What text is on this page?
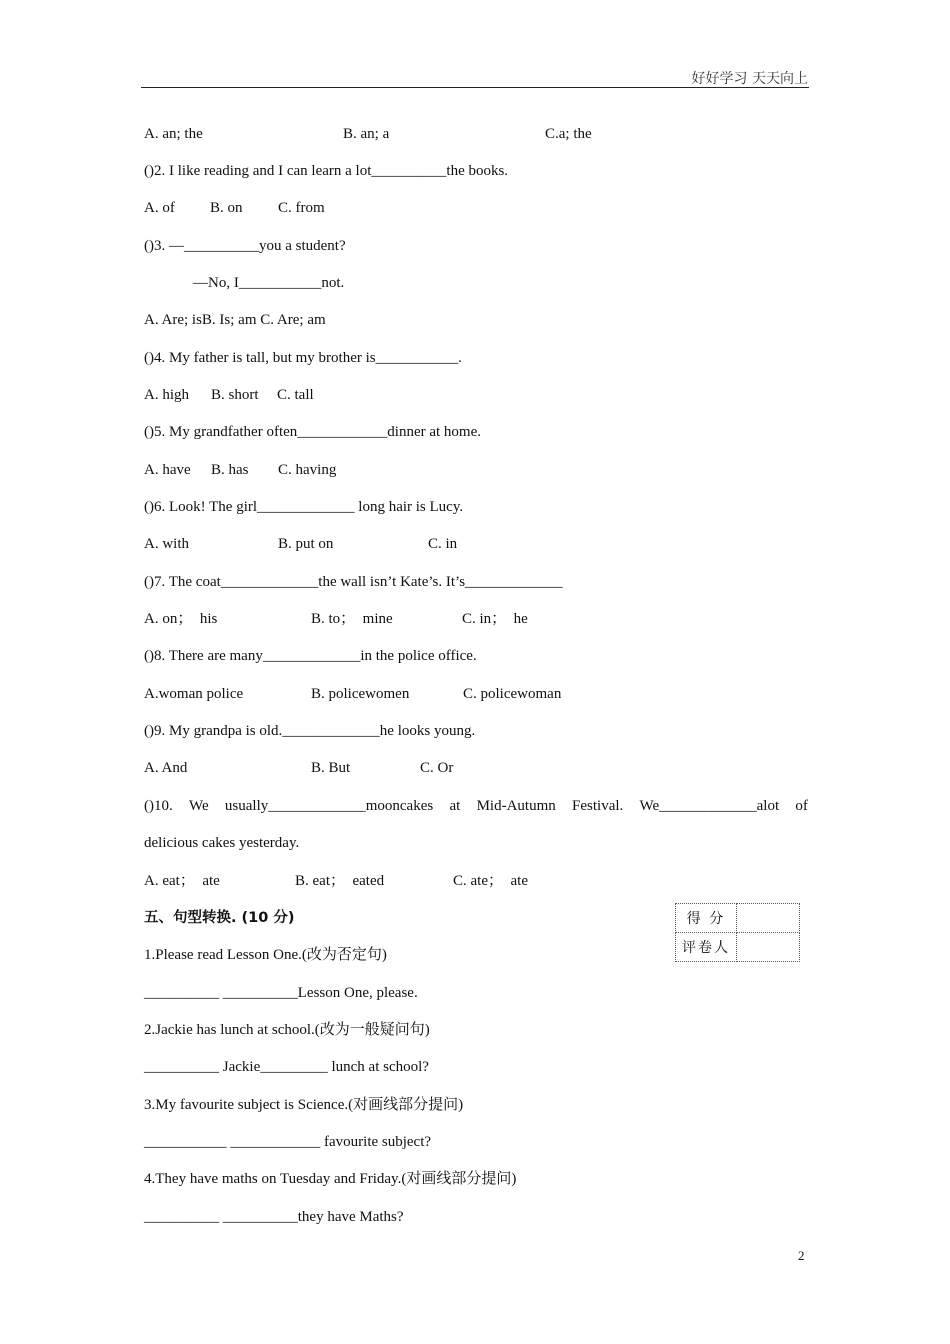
好好学习 天天向上
A. an; the	B. an; a	C.a; the
()2. I like reading and I can learn a lot__________the books.
A. of B. on C. from
()3. —__________you a student?
—No, I___________not.
A. Are; isB. Is; am C. Are; am
()4. My father is tall, but my brother is___________.
A. high B. short C. tall
()5. My grandfather often____________dinner at home.
A. have B. has C. having
()6. Look! The girl_____________ long hair is Lucy.
A. with	B. put on	C. in
()7. The coat_____________the wall isn’t Kate’s. It’s_____________
A. on；  his	B. to；  mine	C. in；  he
()8. There are many_____________in the police office.
A.woman police	B. policewomen	C. policewoman
()9. My grandpa is old._____________he looks young.
A. And	B. But	C. Or
()10. We usually_____________mooncakes at Mid-Autumn Festival. We_____________alot of
delicious cakes yesterday.
A. eat；  ate	B. eat；  eated	C. ate；  ate
五、句型转换. (10 分)	得 分	
评卷人	
1.Please read Lesson One.(改为否定句)
__________ __________Lesson One, please.
2.Jackie has lunch at school.(改为一般疑问句)
__________ Jackie_________ lunch at school?
3.My favourite subject is Science.(对画线部分提问)
___________ ____________ favourite subject?
4.They have maths on Tuesday and Friday.(对画线部分提问)
__________ __________they have Maths?
2
